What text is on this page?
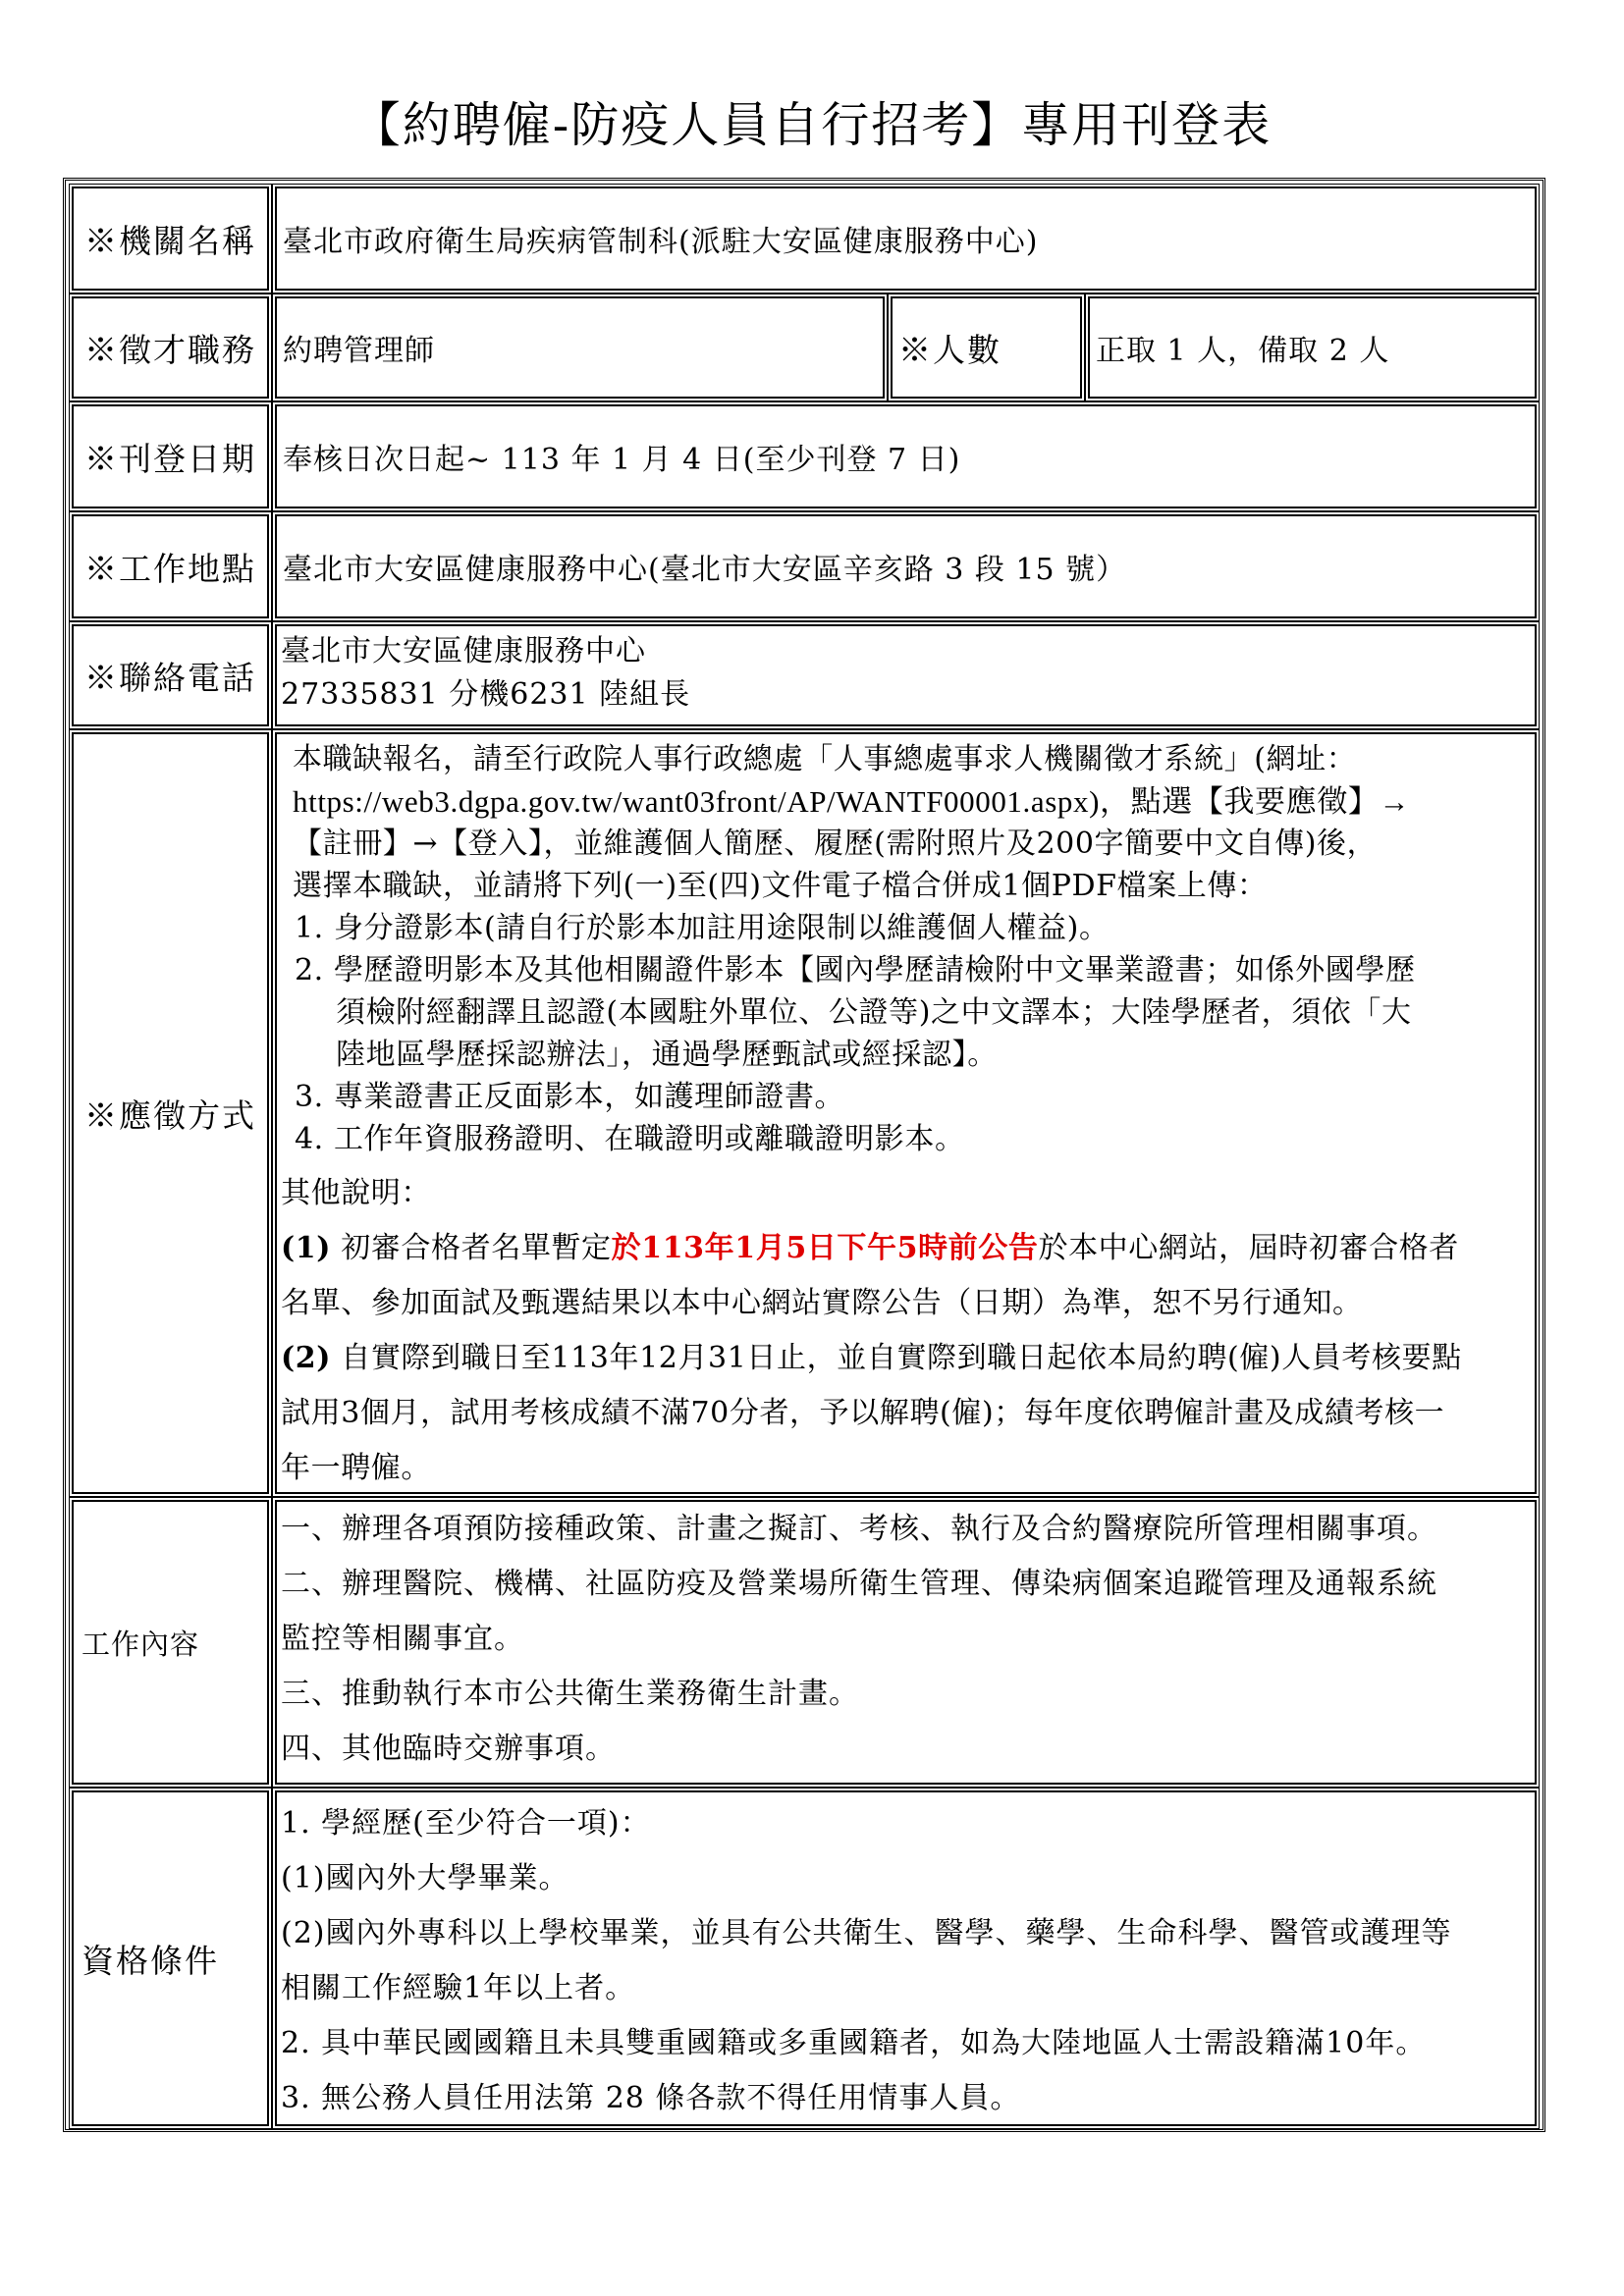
【約聘僱-防疫人員自行招考】專用刊登表
※機關名稱 臺北市政府衛生局疾病管制科(派駐大安區健康服務中心)
※徵才職務 約聘管理師	※人數	正取 1 人，備取 2 人
※刊登日期 奉核日次日起~ 113 年 1 月 4 日(至少刊登 7 日)
※工作地點 臺北市大安區健康服務中心(臺北市大安區辛亥路 3 段 15 號）
※聯絡電話

臺北市大安區健康服務中心

27335831 分機6231 陸組長

※應徵方式

本職缺報名，請至行政院人事行政總處「人事總處事求人機關徵才系統」(網址：

https://web3.dgpa.gov.tw/want03front/AP/WANTF00001.aspx)，點選【我要應徵】→

【註冊】→【登入】，並維護個人簡歷、履歷(需附照片及200字簡要中文自傳)後，

選擇本職缺，並請將下列(一)至(四)文件電子檔合併成1個PDF檔案上傳：

1. 身分證影本(請自行於影本加註用途限制以維護個人權益)。

2. 學歷證明影本及其他相關證件影本【國內學歷請檢附中文畢業證書；如係外國學歷

須檢附經翻譯且認證(本國駐外單位、公證等)之中文譯本；大陸學歷者，須依「大

陸地區學歷採認辦法」，通過學歷甄試或經採認】。

3. 專業證書正反面影本，如護理師證書。

4. 工作年資服務證明、在職證明或離職證明影本。

其他說明：

(1) 初審合格者名單暫定於113年1月5日下午5時前公告於本中心網站，屆時初審合格者

名單、參加面試及甄選結果以本中心網站實際公告（日期）為準，恕不另行通知。

(2) 自實際到職日至113年12月31日止，並自實際到職日起依本局約聘(僱)人員考核要點

試用3個月，試用考核成績不滿70分者，予以解聘(僱)；每年度依聘僱計畫及成績考核一

年一聘僱。

工作內容

一、辦理各項預防接種政策、計畫之擬訂、考核、執行及合約醫療院所管理相關事項。

二、辦理醫院、機構、社區防疫及營業場所衛生管理、傳染病個案追蹤管理及通報系統

監控等相關事宜。

三、推動執行本市公共衛生業務衛生計畫。

四、其他臨時交辦事項。

資格條件

1. 學經歷(至少符合一項)：

(1)國內外大學畢業。

(2)國內外專科以上學校畢業，並具有公共衛生、醫學、藥學、生命科學、醫管或護理等

相關工作經驗1年以上者。

2. 具中華民國國籍且未具雙重國籍或多重國籍者，如為大陸地區人士需設籍滿10年。

3. 無公務人員任用法第 28 條各款不得任用情事人員。
